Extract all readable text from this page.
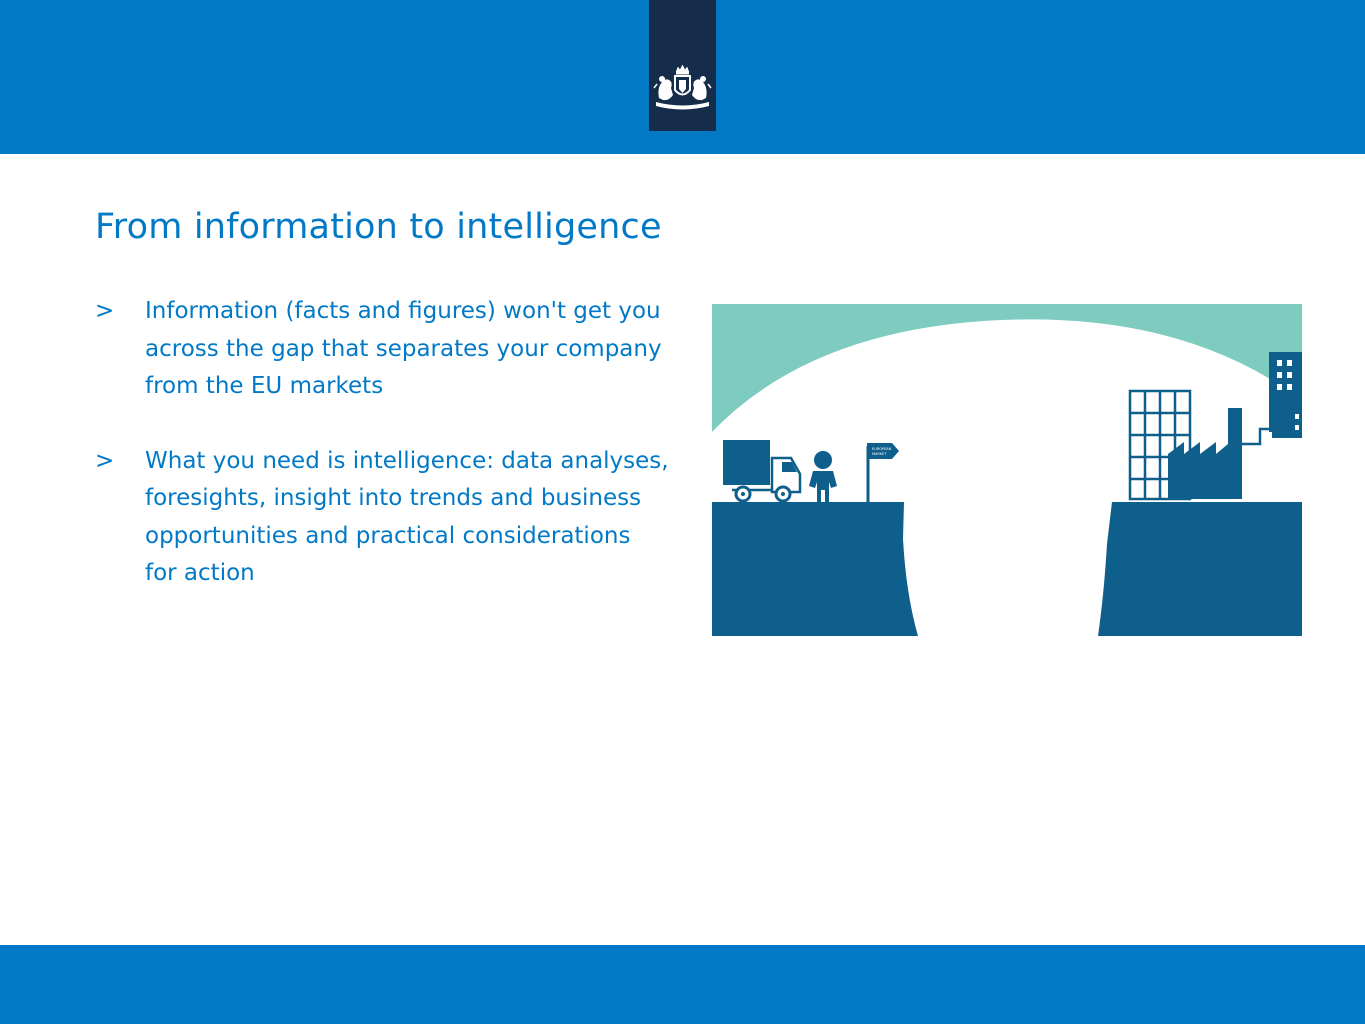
From information to intelligence
>	Information (facts and figures) won't get you
across the gap that separates your company
from the EU markets
>	What you need is intelligence: data analyses,
foresights, insight into trends and business
opportunities and practical considerations
for action
EUROPEAN
MARKET
